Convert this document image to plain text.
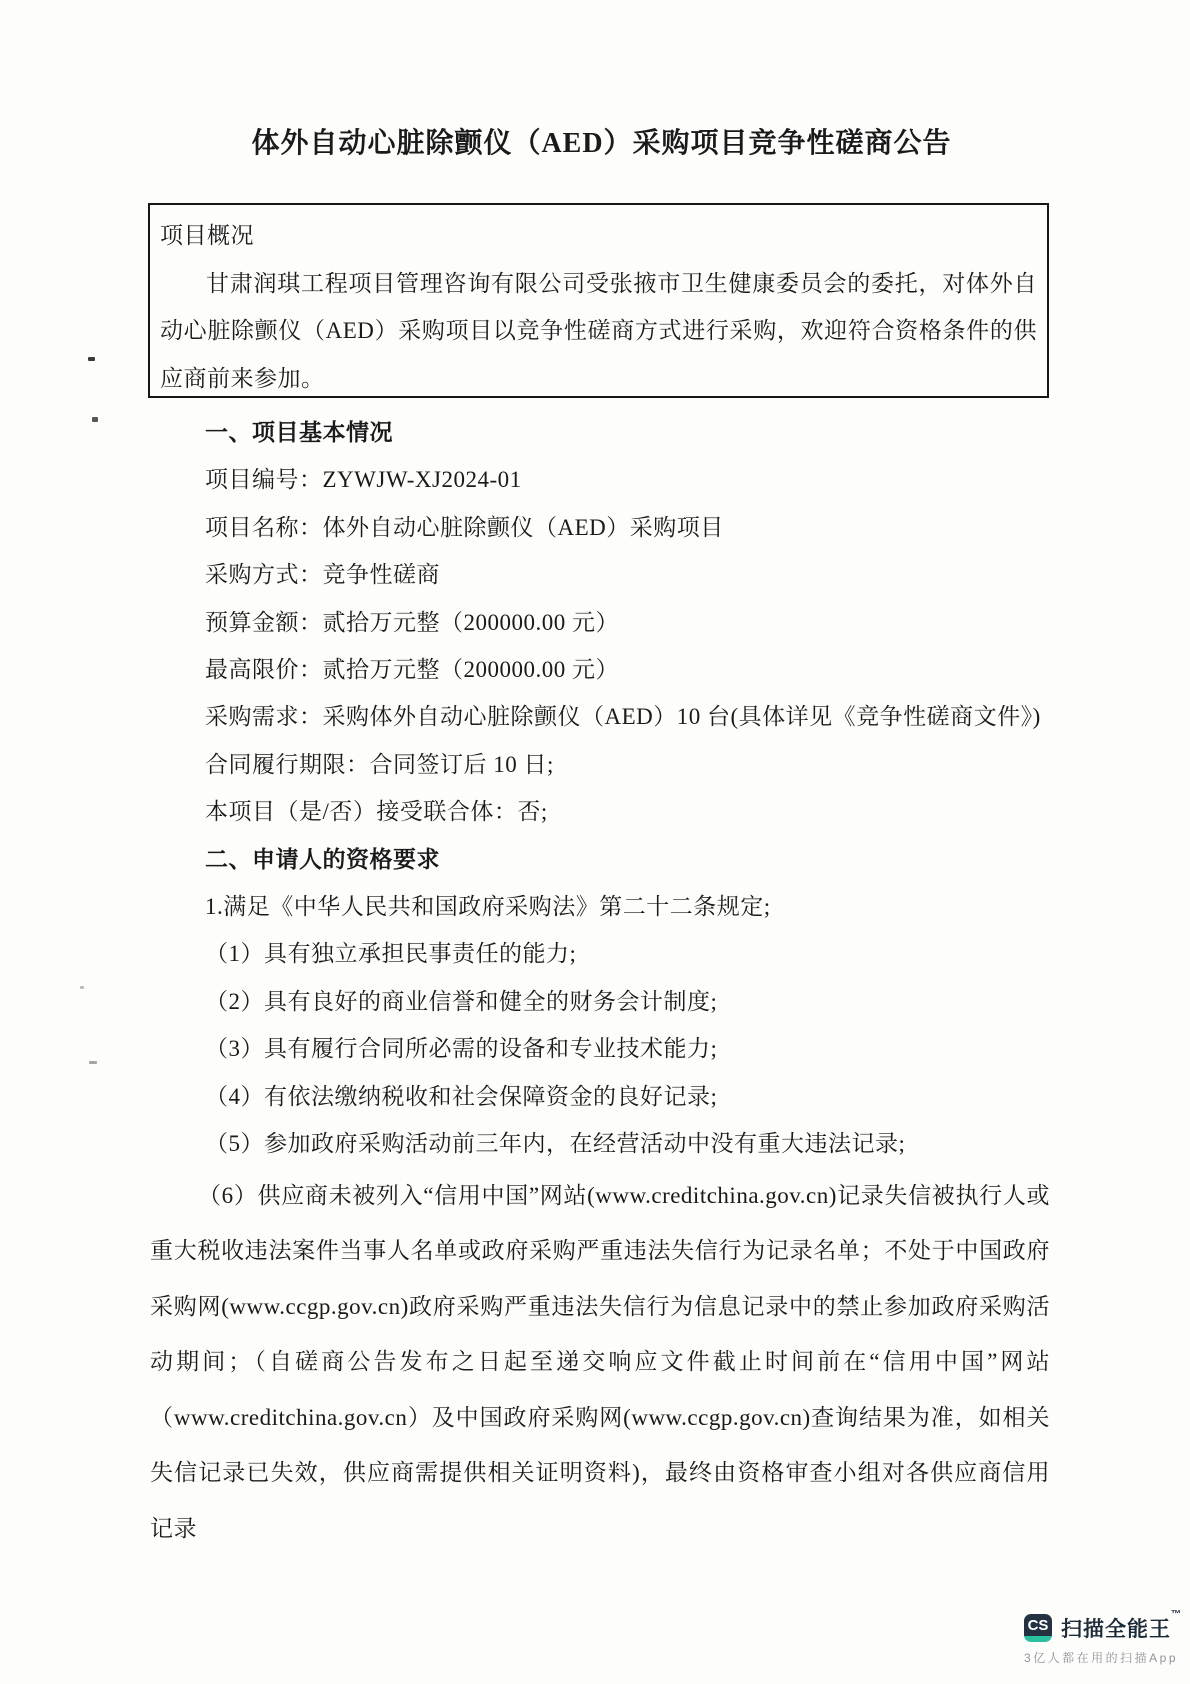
体外自动心脏除颤仪（AED）采购项目竞争性磋商公告
项目概况

甘肃润琪工程项目管理咨询有限公司受张掖市卫生健康委员会的委托，对体外自动心脏除颤仪（AED）采购项目以竞争性磋商方式进行采购，欢迎符合资格条件的供应商前来参加。

一、项目基本情况
项目编号：ZYWJW-XJ2024-01
项目名称：体外自动心脏除颤仪（AED）采购项目
采购方式：竞争性磋商
预算金额：贰拾万元整（200000.00 元）
最高限价：贰拾万元整（200000.00 元）
采购需求：采购体外自动心脏除颤仪（AED）10 台(具体详见《竞争性磋商文件》)
合同履行期限：合同签订后 10 日;
本项目（是/否）接受联合体：否;
二、申请人的资格要求
1.满足《中华人民共和国政府采购法》第二十二条规定;
（1）具有独立承担民事责任的能力;
（2）具有良好的商业信誉和健全的财务会计制度;
（3）具有履行合同所必需的设备和专业技术能力;
（4）有依法缴纳税收和社会保障资金的良好记录;
（5）参加政府采购活动前三年内，在经营活动中没有重大违法记录;

（6）供应商未被列入“信用中国”网站(www.creditchina.gov.cn)记录失信被执行人或重大税收违法案件当事人名单或政府采购严重违法失信行为记录名单；不处于中国政府采购网(www.ccgp.gov.cn)政府采购严重违法失信行为信息记录中的禁止参加政府采购活动期间；（自磋商公告发布之日起至递交响应文件截止时间前在“信用中国”网站（www.creditchina.gov.cn）及中国政府采购网(www.ccgp.gov.cn)查询结果为准，如相关失信记录已失效，供应商需提供相关证明资料)，最终由资格审查小组对各供应商信用记录

CS 扫描全能王™
3亿人都在用的扫描App
